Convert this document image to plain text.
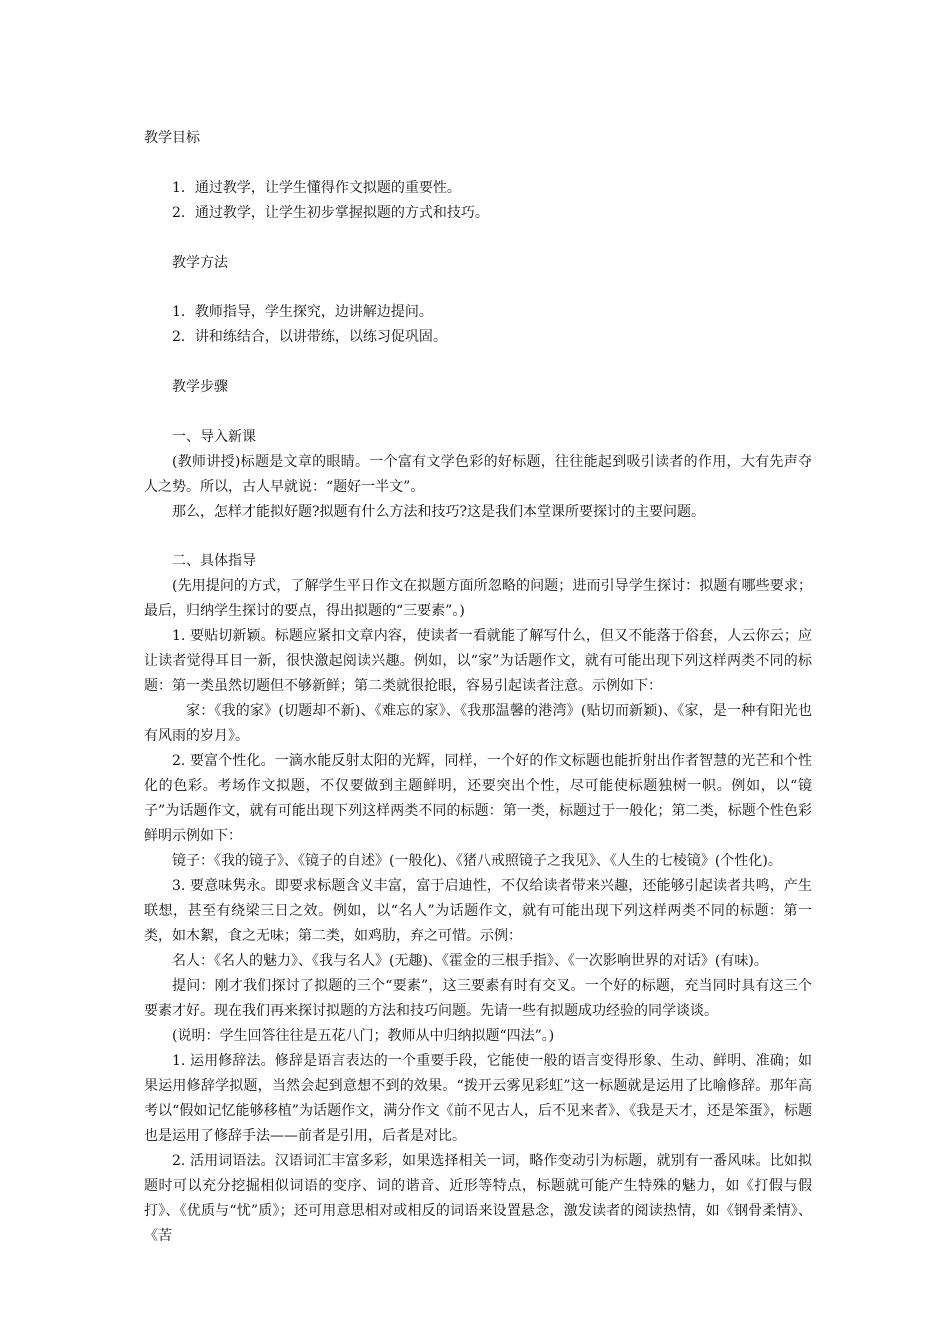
教学目标

1．通过教学，让学生懂得作文拟题的重要性。

2．通过教学，让学生初步掌握拟题的方式和技巧。

教学方法

1．教师指导，学生探究，边讲解边提问。

2．讲和练结合，以讲带练，以练习促巩固。

教学步骤

一、导入新课

(教师讲授)标题是文章的眼睛。一个富有文学色彩的好标题，往往能起到吸引读者的作用，大有先声夺人之势。所以，古人早就说：“题好一半文”。

那么，怎样才能拟好题?拟题有什么方法和技巧?这是我们本堂课所要探讨的主要问题。

二、具体指导

(先用提问的方式，了解学生平日作文在拟题方面所忽略的问题；进而引导学生探讨：拟题有哪些要求；最后，归纳学生探讨的要点，得出拟题的“三要素”。)

1. 要贴切新颖。标题应紧扣文章内容，使读者一看就能了解写什么，但又不能落于俗套，人云你云；应让读者觉得耳目一新，很快激起阅读兴趣。例如，以“家”为话题作文，就有可能出现下列这样两类不同的标题：第一类虽然切题但不够新鲜；第二类就很抢眼，容易引起读者注意。示例如下：

家：《我的家》(切题却不新)、《难忘的家》、《我那温馨的港湾》(贴切而新颖)、《家，是一种有阳光也有风雨的岁月》。

2. 要富个性化。一滴水能反射太阳的光辉，同样，一个好的作文标题也能折射出作者智慧的光芒和个性化的色彩。考场作文拟题，不仅要做到主题鲜明，还要突出个性，尽可能使标题独树一帜。例如，以“镜子”为话题作文，就有可能出现下列这样两类不同的标题：第一类，标题过于一般化；第二类，标题个性色彩鲜明示例如下：

镜子：《我的镜子》、《镜子的自述》(一般化)、《猪八戒照镜子之我见》、《人生的七棱镜》(个性化)。

3. 要意味隽永。即要求标题含义丰富，富于启迪性，不仅给读者带来兴趣，还能够引起读者共鸣，产生联想，甚至有绕梁三日之效。例如，以“名人”为话题作文，就有可能出现下列这样两类不同的标题：第一类，如木絮，食之无味；第二类，如鸡肋，弃之可惜。示例：

名人：《名人的魅力》、《我与名人》(无趣)、《霍金的三根手指》、《一次影响世界的对话》(有味)。

提问：刚才我们探讨了拟题的三个“要素”，这三要素有时有交叉。一个好的标题，充当同时具有这三个要素才好。现在我们再来探讨拟题的方法和技巧问题。先请一些有拟题成功经验的同学谈谈。

(说明：学生回答往往是五花八门；教师从中归纳拟题“四法”。)

1. 运用修辞法。修辞是语言表达的一个重要手段，它能使一般的语言变得形象、生动、鲜明、准确；如果运用修辞学拟题，当然会起到意想不到的效果。“拨开云雾见彩虹”这一标题就是运用了比喻修辞。那年高考以“假如记忆能够移植”为话题作文，满分作文《前不见古人，后不见来者》、《我是天才，还是笨蛋》，标题也是运用了修辞手法——前者是引用，后者是对比。

2. 活用词语法。汉语词汇丰富多彩，如果选择相关一词，略作变动引为标题，就别有一番风味。比如拟题时可以充分挖掘相似词语的变序、词的谐音、近形等特点，标题就可能产生特殊的魅力，如《打假与假打》、《优质与“忧”质》；还可用意思相对或相反的词语来设置悬念，激发读者的阅读热情，如《钢骨柔情》、《苦
